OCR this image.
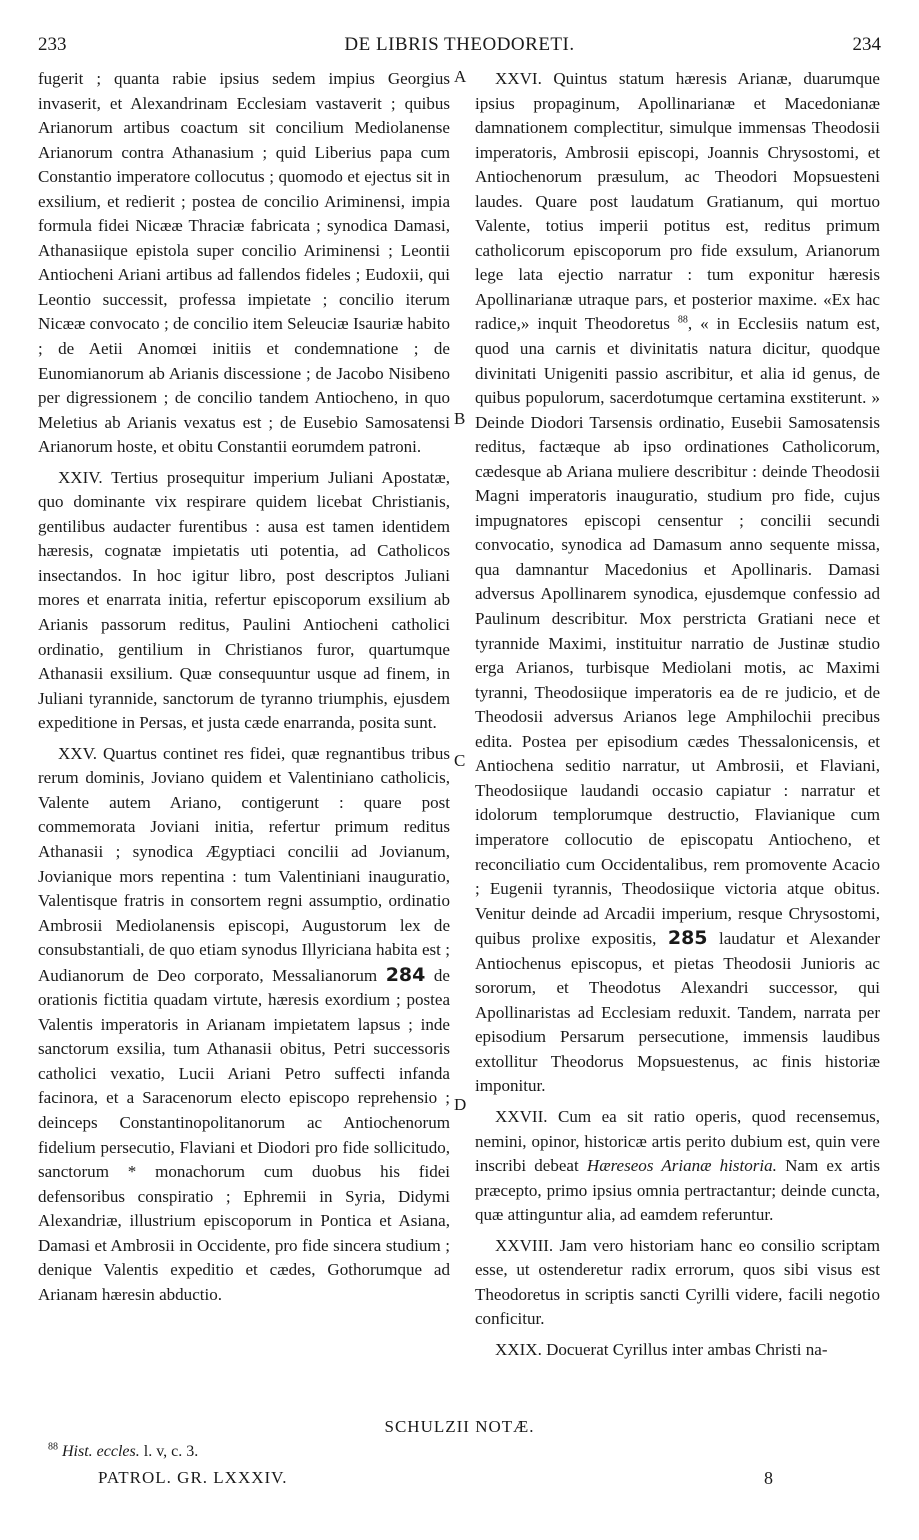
233	DE LIBRIS THEODORETI.	234
A
B
C
D

fugerit ; quanta rabie ipsius sedem impius Georgius invaserit, et Alexandrinam Ecclesiam vastaverit ; quibus Arianorum artibus coactum sit concilium Mediolanense Arianorum contra Athanasium ; quid Liberius papa cum Constantio imperatore collocutus ; quomodo et ejectus sit in exsilium, et redierit ; postea de concilio Ariminensi, impia formula fidei Nicææ Thraciæ fabricata ; synodica Damasi, Athanasiique epistola super concilio Ariminensi ; Leontii Antiocheni Ariani artibus ad fallendos fideles ; Eudoxii, qui Leontio successit, professa impietate ; concilio iterum Nicææ convocato ; de concilio item Seleuciæ Isauriæ habito ; de Aetii Anomœi initiis et condemnatione ; de Eunomianorum ab Arianis discessione ; de Jacobo Nisibeno per digressionem ; de concilio tandem Antiocheno, in quo Meletius ab Arianis vexatus est ; de Eusebio Samosatensi Arianorum hoste, et obitu Constantii eorumdem patroni.

XXIV. Tertius prosequitur imperium Juliani Apostatæ, quo dominante vix respirare quidem licebat Christianis, gentilibus audacter furentibus : ausa est tamen identidem hæresis, cognatæ impietatis uti potentia, ad Catholicos insectandos. In hoc igitur libro, post descriptos Juliani mores et enarrata initia, refertur episcoporum exsilium ab Arianis passorum reditus, Paulini Antiocheni catholici ordinatio, gentilium in Christianos furor, quartumque Athanasii exsilium. Quæ consequuntur usque ad finem, in Juliani tyrannide, sanctorum de tyranno triumphis, ejusdem expeditione in Persas, et justa cæde enarranda, posita sunt.

XXV. Quartus continet res fidei, quæ regnantibus tribus rerum dominis, Joviano quidem et Valentiniano catholicis, Valente autem Ariano, contigerunt : quare post commemorata Joviani initia, refertur primum reditus Athanasii ; synodica Ægyptiaci concilii ad Jovianum, Jovianique mors repentina : tum Valentiniani inauguratio, Valentisque fratris in consortem regni assumptio, ordinatio Ambrosii Mediolanensis episcopi, Augustorum lex de consubstantiali, de quo etiam synodus Illyriciana habita est ; Audianorum de Deo corporato, Messalianorum 284 de orationis fictitia quadam virtute, hæresis exordium ; postea Valentis imperatoris in Arianam impietatem lapsus ; inde sanctorum exsilia, tum Athanasii obitus, Petri successoris catholici vexatio, Lucii Ariani Petro suffecti infanda facinora, et a Saracenorum electo episcopo reprehensio ; deinceps Constantinopolitanorum ac Antiochenorum fidelium persecutio, Flaviani et Diodori pro fide sollicitudo, sanctorum * monachorum cum duobus his fidei defensoribus conspiratio ; Ephremii in Syria, Didymi Alexandriæ, illustrium episcoporum in Pontica et Asiana, Damasi et Ambrosii in Occidente, pro fide sincera studium ; denique Valentis expeditio et cædes, Gothorumque ad Arianam hæresin abductio.

XXVI. Quintus statum hæresis Arianæ, duarumque ipsius propaginum, Apollinarianæ et Macedonianæ damnationem complectitur, simulque immensas Theodosii imperatoris, Ambrosii episcopi, Joannis Chrysostomi, et Antiochenorum præsulum, ac Theodori Mopsuesteni laudes. Quare post laudatum Gratianum, qui mortuo Valente, totius imperii potitus est, reditus primum catholicorum episcoporum pro fide exsulum, Arianorum lege lata ejectio narratur : tum exponitur hæresis Apollinarianæ utraque pars, et posterior maxime. «Ex hac radice,» inquit Theodoretus $^{88}$, « in Ecclesiis natum est, quod una carnis et divinitatis natura dicitur, quodque divinitati Unigeniti passio ascribitur, et alia id genus, de quibus populorum, sacerdotumque certamina exstiterunt. » Deinde Diodori Tarsensis ordinatio, Eusebii Samosatensis reditus, factæque ab ipso ordinationes Catholicorum, cædesque ab Ariana muliere describitur : deinde Theodosii Magni imperatoris inauguratio, studium pro fide, cujus impugnatores episcopi censentur ; concilii secundi convocatio, synodica ad Damasum anno sequente missa, qua damnantur Macedonius et Apollinaris. Damasi adversus Apollinarem synodica, ejusdemque confessio ad Paulinum describitur. Mox perstricta Gratiani nece et tyrannide Maximi, instituitur narratio de Justinæ studio erga Arianos, turbisque Mediolani motis, ac Maximi tyranni, Theodosiique imperatoris ea de re judicio, et de Theodosii adversus Arianos lege Amphilochii precibus edita. Postea per episodium cædes Thessalonicensis, et Antiochena seditio narratur, ut Ambrosii, et Flaviani, Theodosiique laudandi occasio capiatur : narratur et idolorum templorumque destructio, Flavianique cum imperatore collocutio de episcopatu Antiocheno, et reconciliatio cum Occidentalibus, rem promovente Acacio ; Eugenii tyrannis, Theodosiique victoria atque obitus. Venitur deinde ad Arcadii imperium, resque Chrysostomi, quibus prolixe expositis, 285 laudatur et Alexander Antiochenus episcopus, et pietas Theodosii Junioris ac sororum, et Theodotus Alexandri successor, qui Apollinaristas ad Ecclesiam reduxit. Tandem, narrata per episodium Persarum persecutione, immensis laudibus extollitur Theodorus Mopsuestenus, ac finis historiæ imponitur.

XXVII. Cum ea sit ratio operis, quod recensemus, nemini, opinor, historicæ artis perito dubium est, quin vere inscribi debeat Hæreseos Arianæ historia. Nam ex artis præcepto, primo ipsius omnia pertractantur; deinde cuncta, quæ attinguntur alia, ad eamdem referuntur.

XXVIII. Jam vero historiam hanc eo consilio scriptam esse, ut ostenderetur radix errorum, quos sibi visus est Theodoretus in scriptis sancti Cyrilli videre, facili negotio conficitur.

XXIX. Docuerat Cyrillus inter ambas Christi na-

SCHULZII NOTÆ.
$^{88}$ Hist. eccles. l. v, c. 3.
PATROL. GR. LXXXIV.	8
